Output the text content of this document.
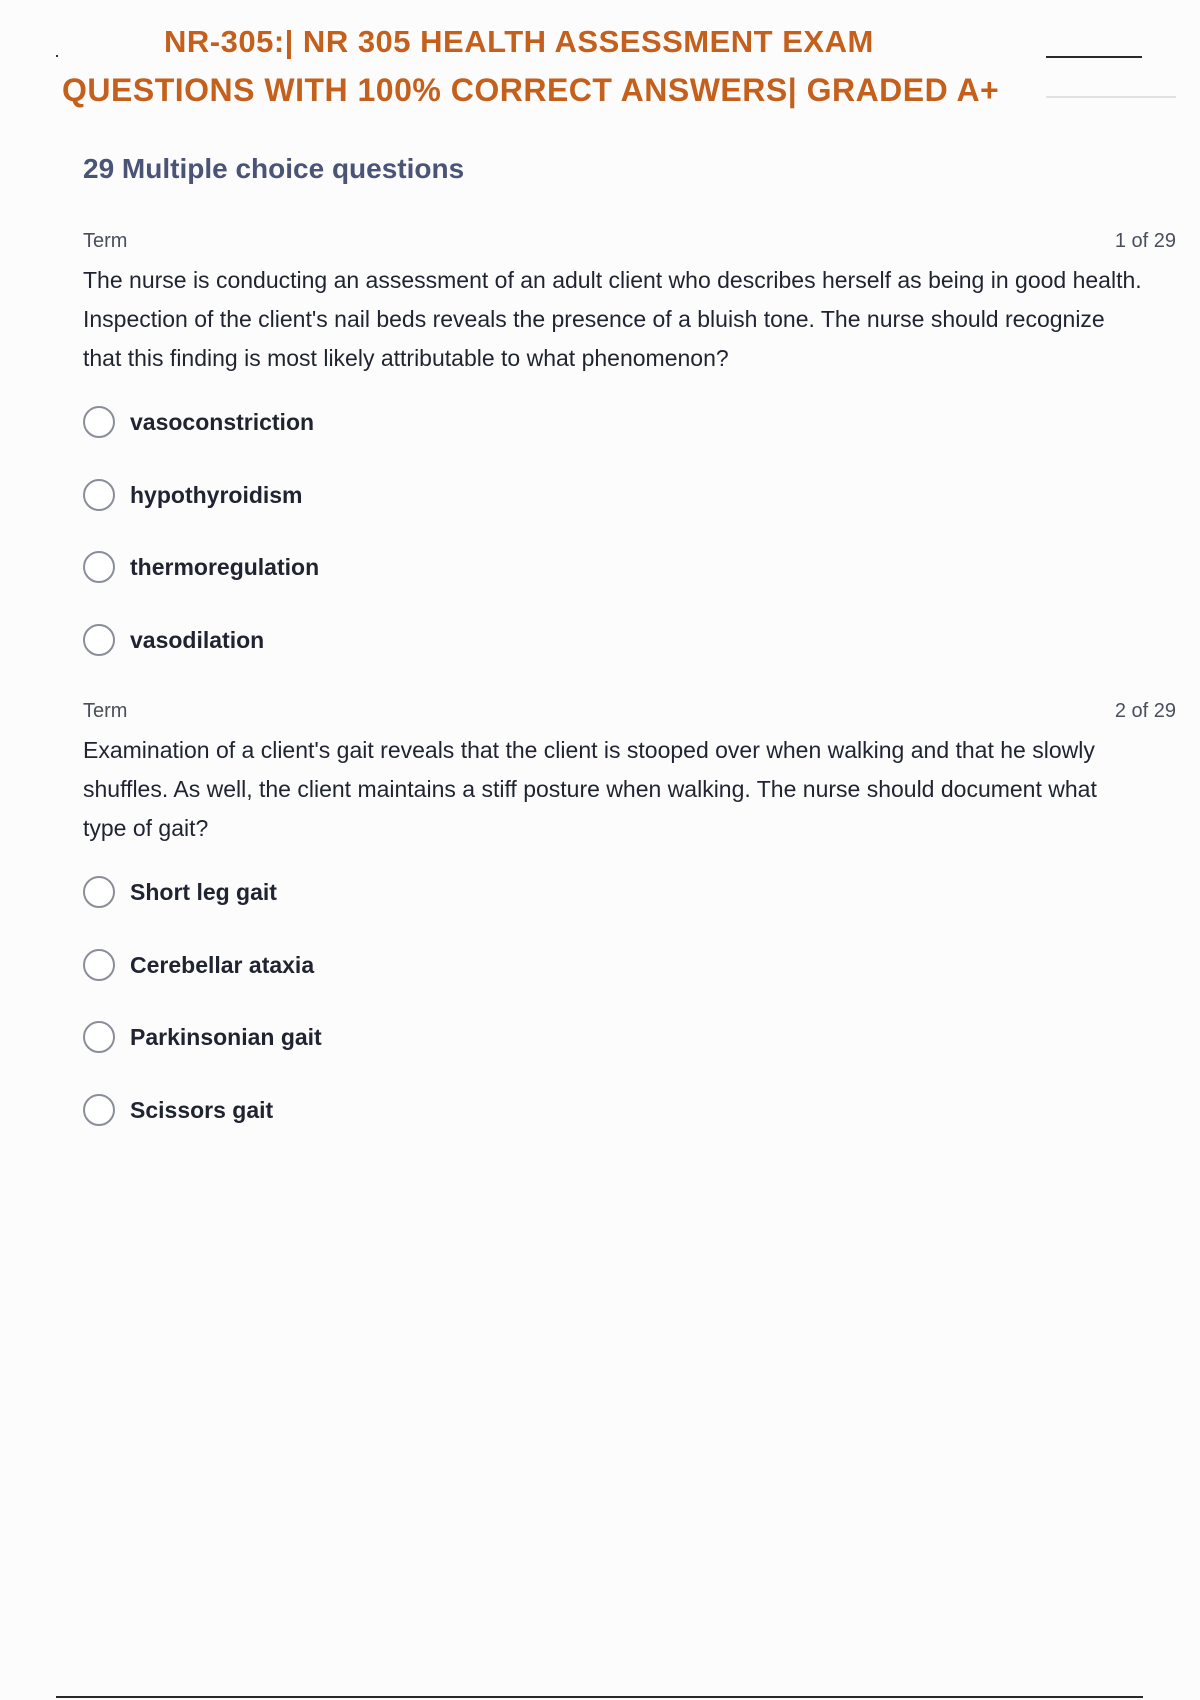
NR-305:| NR 305 HEALTH ASSESSMENT EXAM
QUESTIONS WITH 100% CORRECT ANSWERS| GRADED A+
29 Multiple choice questions
Term	1 of 29
The nurse is conducting an assessment of an adult client who describes herself as being in good health. Inspection of the client's nail beds reveals the presence of a bluish tone. The nurse should recognize that this finding is most likely attributable to what phenomenon?
vasoconstriction
hypothyroidism
thermoregulation
vasodilation
Term	2 of 29
Examination of a client's gait reveals that the client is stooped over when walking and that he slowly shuffles. As well, the client maintains a stiff posture when walking. The nurse should document what type of gait?
Short leg gait
Cerebellar ataxia
Parkinsonian gait
Scissors gait
